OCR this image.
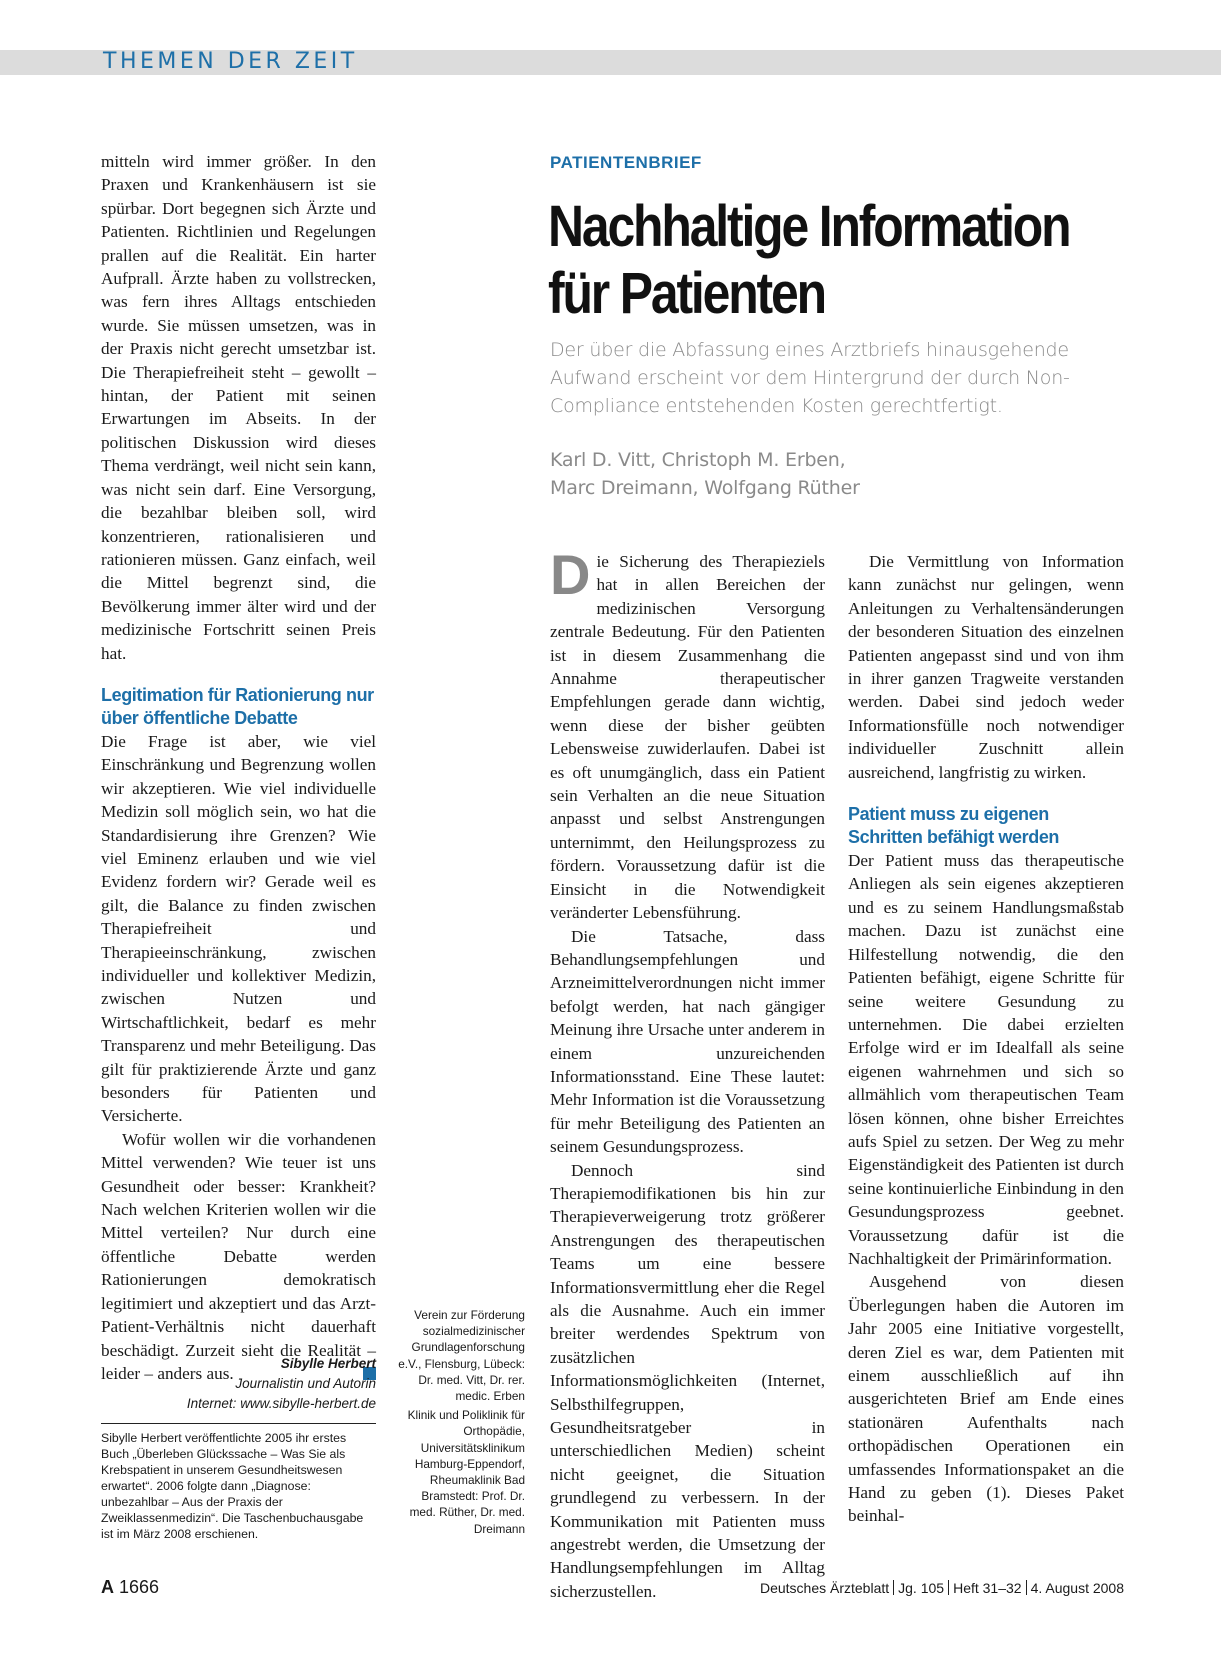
THEMEN DER ZEIT

mitteln wird immer größer. In den Praxen und Krankenhäusern ist sie spürbar. Dort begegnen sich Ärzte und Patienten. Richtlinien und Regelungen prallen auf die Realität. Ein harter Aufprall. Ärzte haben zu vollstrecken, was fern ihres Alltags entschieden wurde. Sie müssen umsetzen, was in der Praxis nicht gerecht umsetzbar ist. Die Therapiefreiheit steht – gewollt – hintan, der Patient mit seinen Erwartungen im Abseits. In der politischen Diskussion wird dieses Thema verdrängt, weil nicht sein kann, was nicht sein darf. Eine Versorgung, die bezahlbar bleiben soll, wird konzentrieren, rationalisieren und rationieren müssen. Ganz einfach, weil die Mittel begrenzt sind, die Bevölkerung immer älter wird und der medizinische Fortschritt seinen Preis hat.

Legitimation für Rationierung nur über öffentliche Debatte

Die Frage ist aber, wie viel Einschränkung und Begrenzung wollen wir akzeptieren. Wie viel individuelle Medizin soll möglich sein, wo hat die Standardisierung ihre Grenzen? Wie viel Eminenz erlauben und wie viel Evidenz fordern wir? Gerade weil es gilt, die Balance zu finden zwischen Therapiefreiheit und Therapieeinschränkung, zwischen individueller und kollektiver Medizin, zwischen Nutzen und Wirtschaftlichkeit, bedarf es mehr Transparenz und mehr Beteiligung. Das gilt für praktizierende Ärzte und ganz besonders für Patienten und Versicherte.

Wofür wollen wir die vorhandenen Mittel verwenden? Wie teuer ist uns Gesundheit oder besser: Krankheit? Nach welchen Kriterien wollen wir die Mittel verteilen? Nur durch eine öffentliche Debatte werden Rationierungen demokratisch legitimiert und akzeptiert und das Arzt-Patient-Verhältnis nicht dauerhaft beschädigt. Zurzeit sieht die Realität – leider – anders aus.

Sibylle Herbert
Journalistin und Autorin
Internet: www.sibylle-herbert.de
Sibylle Herbert veröffentlichte 2005 ihr erstes Buch „Überleben Glückssache – Was Sie als Krebspatient in unserem Gesundheitswesen erwartet“. 2006 folgte dann „Diagnose: unbezahlbar – Aus der Praxis der Zweiklassenmedizin“. Die Taschenbuchausgabe ist im März 2008 erschienen.
Verein zur Förderung sozialmedizinischer Grundlagenforschung e.V., Flensburg, Lübeck: Dr. med. Vitt, Dr. rer. medic. Erben
Klinik und Poliklinik für Orthopädie, Universitätsklinikum Hamburg-Eppendorf, Rheumaklinik Bad Bramstedt: Prof. Dr. med. Rüther, Dr. med. Dreimann
PATIENTENBRIEF
Nachhaltige Information
für Patienten
Der über die Abfassung eines Arztbriefs hinausgehende Aufwand erscheint vor dem Hintergrund der durch Non-Compliance entstehenden Kosten gerechtfertigt.
Karl D. Vitt, Christoph M. Erben,
Marc Dreimann, Wolfgang Rüther

Die Sicherung des Therapieziels hat in allen Bereichen der medizinischen Versorgung zentrale Bedeutung. Für den Patienten ist in diesem Zusammenhang die Annahme therapeutischer Empfehlungen gerade dann wichtig, wenn diese der bisher geübten Lebensweise zuwiderlaufen. Dabei ist es oft unumgänglich, dass ein Patient sein Verhalten an die neue Situation anpasst und selbst Anstrengungen unternimmt, den Heilungsprozess zu fördern. Voraussetzung dafür ist die Einsicht in die Notwendigkeit veränderter Lebensführung.

Die Tatsache, dass Behandlungsempfehlungen und Arzneimittelverordnungen nicht immer befolgt werden, hat nach gängiger Meinung ihre Ursache unter anderem in einem unzureichenden Informationsstand. Eine These lautet: Mehr Information ist die Voraussetzung für mehr Beteiligung des Patienten an seinem Gesundungsprozess.

Dennoch sind Therapiemodifikationen bis hin zur Therapieverweigerung trotz größerer Anstrengungen des therapeutischen Teams um eine bessere Informationsvermittlung eher die Regel als die Ausnahme. Auch ein immer breiter werdendes Spektrum von zusätzlichen Informationsmöglichkeiten (Internet, Selbsthilfegruppen, Gesundheitsratgeber in unterschiedlichen Medien) scheint nicht geeignet, die Situation grundlegend zu verbessern. In der Kommunikation mit Patienten muss angestrebt werden, die Umsetzung der Handlungsempfehlungen im Alltag sicherzustellen.

Die Vermittlung von Information kann zunächst nur gelingen, wenn Anleitungen zu Verhaltensänderungen der besonderen Situation des einzelnen Patienten angepasst sind und von ihm in ihrer ganzen Tragweite verstanden werden. Dabei sind jedoch weder Informationsfülle noch notwendiger individueller Zuschnitt allein ausreichend, langfristig zu wirken.

Patient muss zu eigenen Schritten befähigt werden

Der Patient muss das therapeutische Anliegen als sein eigenes akzeptieren und es zu seinem Handlungsmaßstab machen. Dazu ist zunächst eine Hilfestellung notwendig, die den Patienten befähigt, eigene Schritte für seine weitere Gesundung zu unternehmen. Die dabei erzielten Erfolge wird er im Idealfall als seine eigenen wahrnehmen und sich so allmählich vom therapeutischen Team lösen können, ohne bisher Erreichtes aufs Spiel zu setzen. Der Weg zu mehr Eigenständigkeit des Patienten ist durch seine kontinuierliche Einbindung in den Gesundungsprozess geebnet. Voraussetzung dafür ist die Nachhaltigkeit der Primärinformation.

Ausgehend von diesen Überlegungen haben die Autoren im Jahr 2005 eine Initiative vorgestellt, deren Ziel es war, dem Patienten mit einem ausschließlich auf ihn ausgerichteten Brief am Ende eines stationären Aufenthalts nach orthopädischen Operationen ein umfassendes Informationspaket an die Hand zu geben (1). Dieses Paket beinhal-

A 1666	Deutsches Ärzteblatt Jg. 105 Heft 31–32 4. August 2008
